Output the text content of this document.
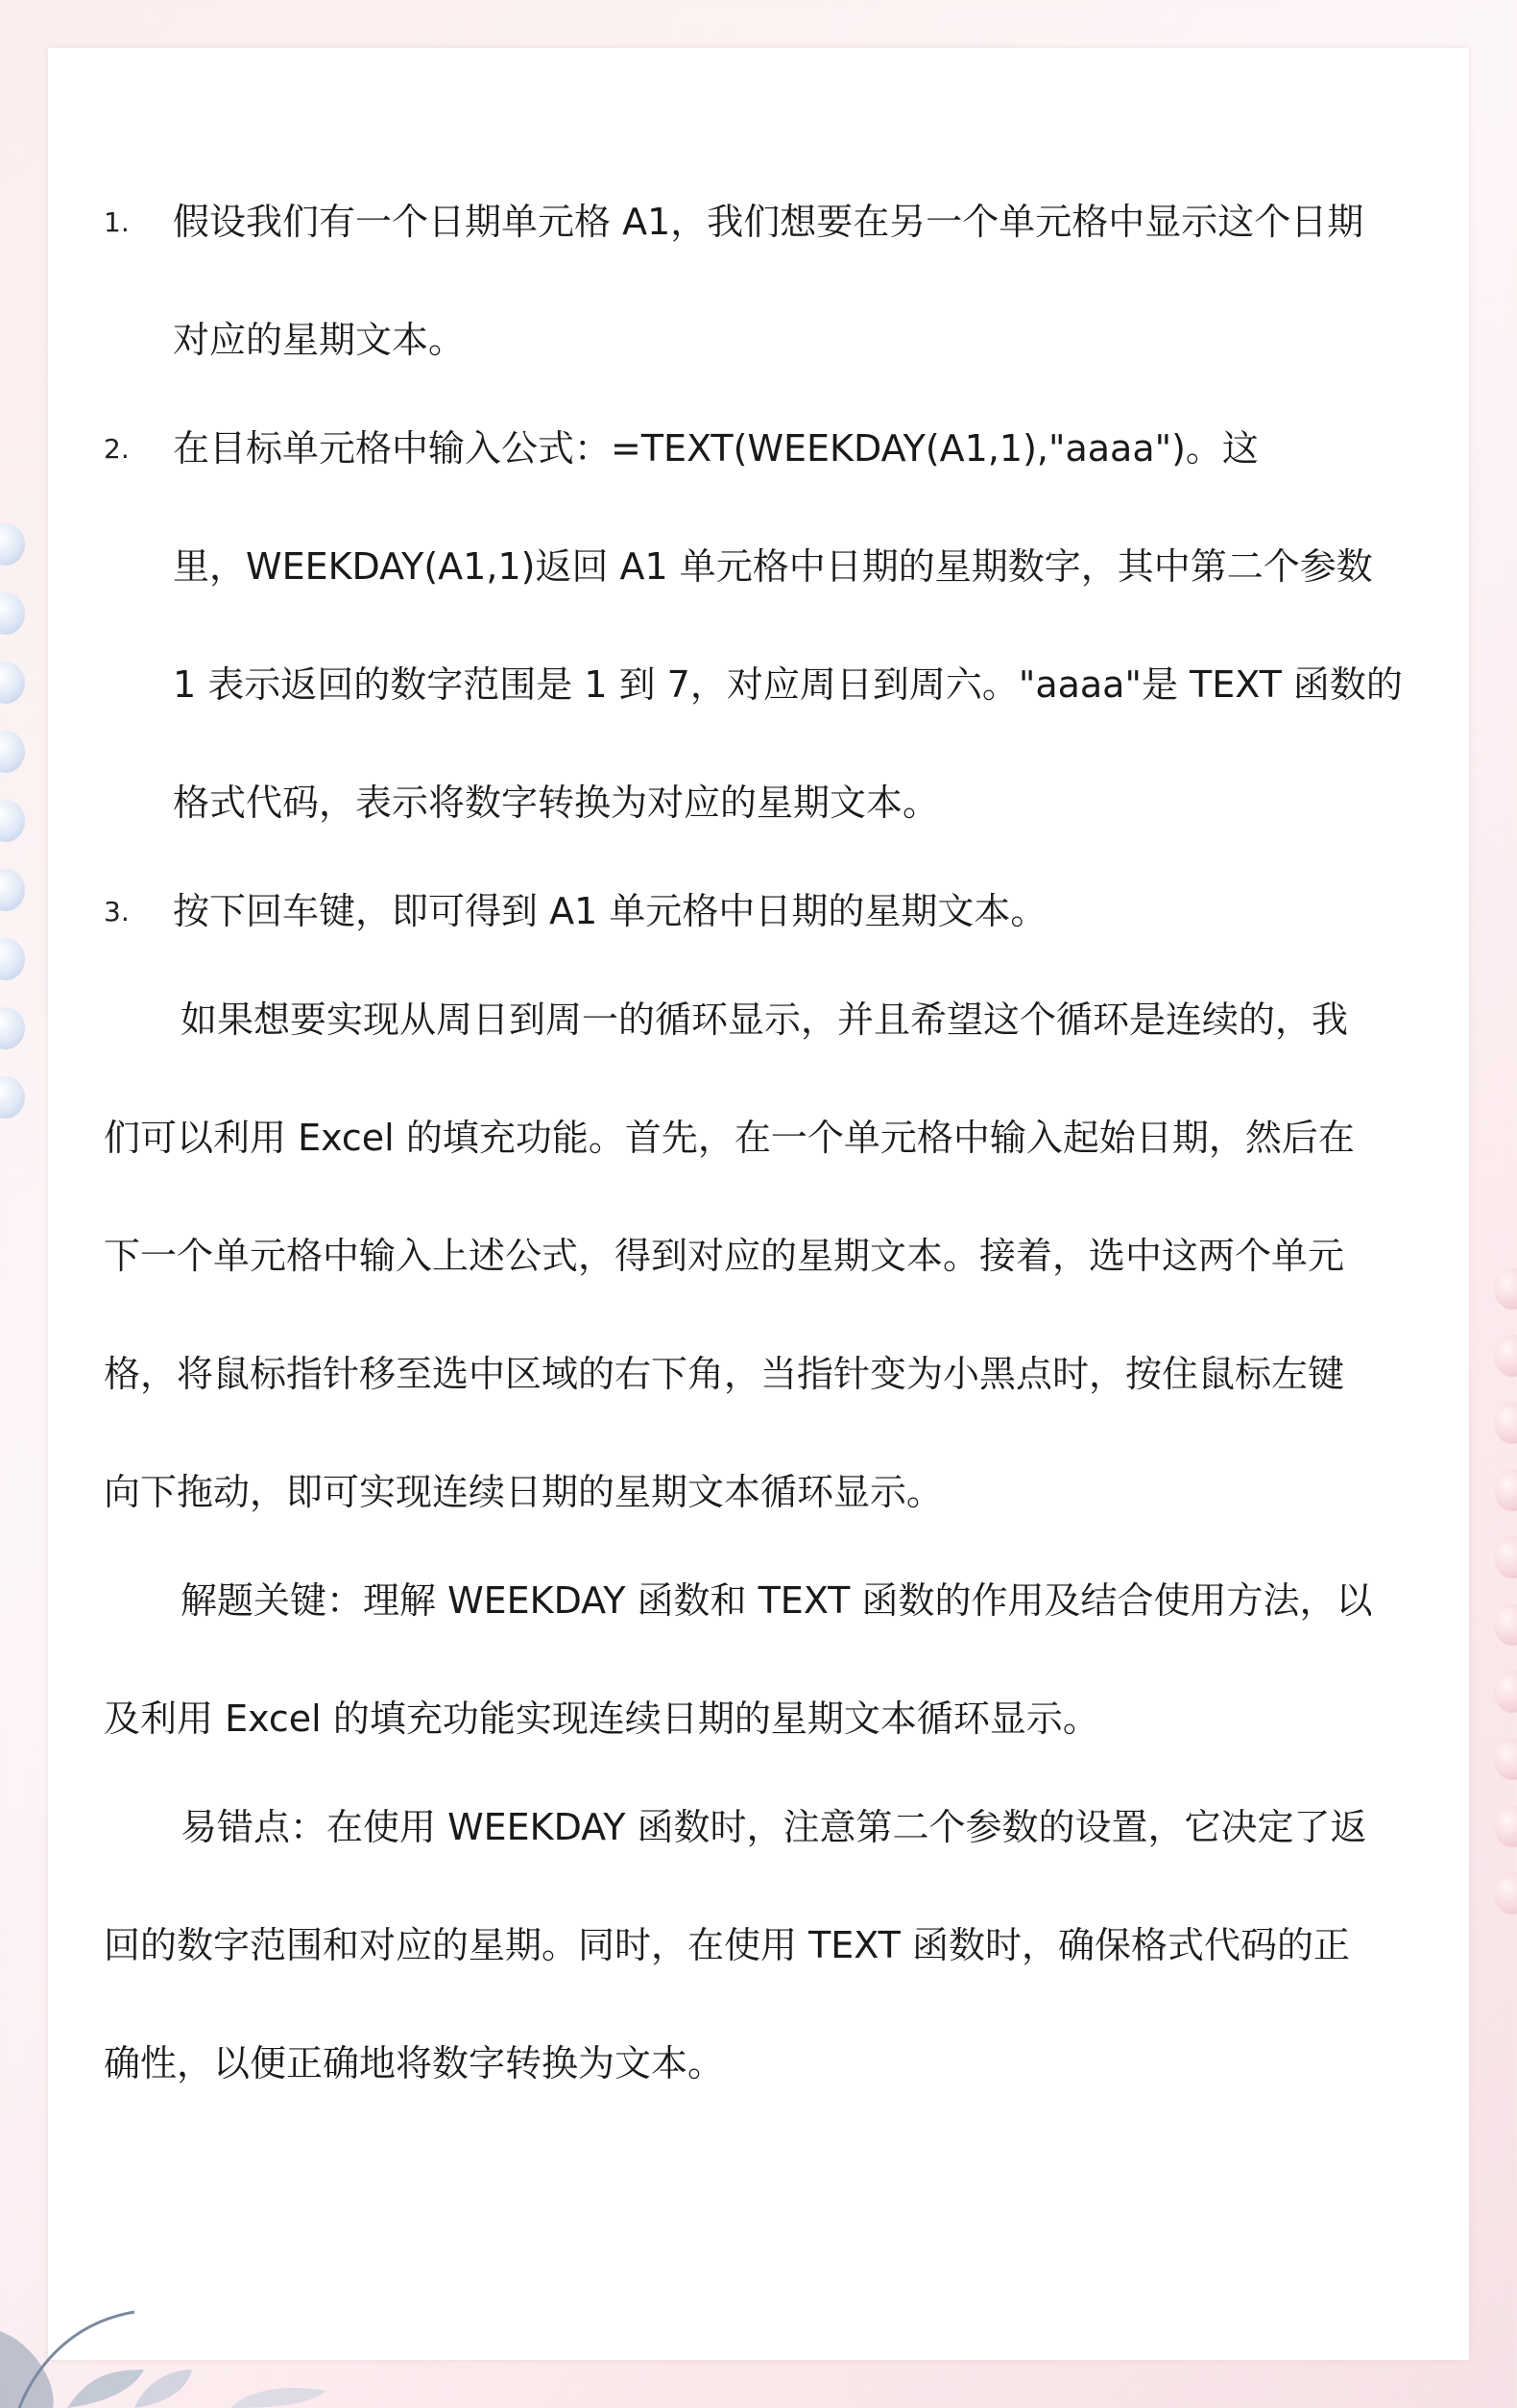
1. 假设我们有一个日期单元格 A1，我们想要在另一个单元格中显示这个日期
对应的星期文本。
2. 在目标单元格中输入公式：=TEXT(WEEKDAY(A1,1),"aaaa")。这
里，WEEKDAY(A1,1)返回 A1 单元格中日期的星期数字，其中第二个参数
1 表示返回的数字范围是 1 到 7，对应周日到周六。"aaaa"是 TEXT 函数的
格式代码，表示将数字转换为对应的星期文本。
3. 按下回车键，即可得到 A1 单元格中日期的星期文本。
如果想要实现从周日到周一的循环显示，并且希望这个循环是连续的，我
们可以利用 Excel 的填充功能。首先，在一个单元格中输入起始日期，然后在
下一个单元格中输入上述公式，得到对应的星期文本。接着，选中这两个单元
格，将鼠标指针移至选中区域的右下角，当指针变为小黑点时，按住鼠标左键
向下拖动，即可实现连续日期的星期文本循环显示。
解题关键：理解 WEEKDAY 函数和 TEXT 函数的作用及结合使用方法，以
及利用 Excel 的填充功能实现连续日期的星期文本循环显示。
易错点：在使用 WEEKDAY 函数时，注意第二个参数的设置，它决定了返
回的数字范围和对应的星期。同时，在使用 TEXT 函数时，确保格式代码的正
确性，以便正确地将数字转换为文本。
